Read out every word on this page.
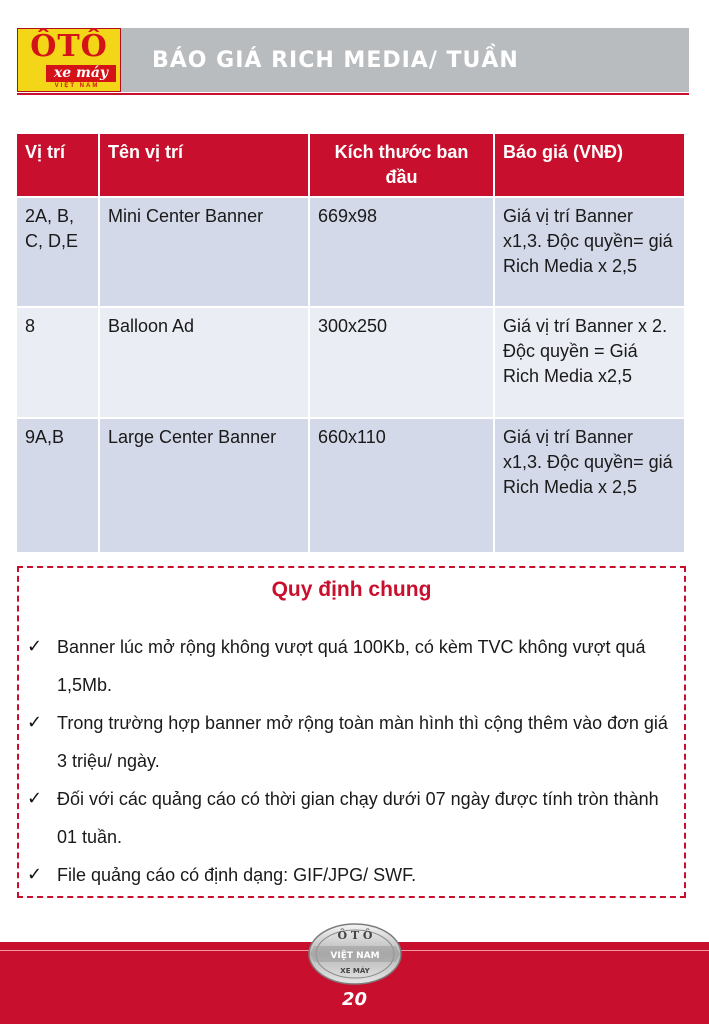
ÔTÔ
xe máy
VIỆT NAM
BÁO GIÁ RICH MEDIA/ TUẦN
Vị trí	Tên vị trí	Kích thước ban đầu	Báo giá (VNĐ)
2A, B, C, D,E	Mini Center Banner	669x98	Giá vị trí Banner x1,3. Độc quyền= giá Rich Media x 2,5
8	Balloon Ad	300x250	Giá vị trí Banner x 2. Độc quyền = Giá Rich Media x2,5
9A,B	Large Center Banner	660x110	Giá vị trí Banner x1,3. Độc quyền= giá Rich Media x 2,5
Quy định chung
✓ Banner lúc mở rộng không vượt quá 100Kb, có kèm TVC không vượt quá 1,5Mb.
✓ Trong trường hợp banner mở rộng toàn màn hình thì cộng thêm vào đơn giá 3 triệu/ ngày.
✓ Đối với các quảng cáo có thời gian chạy dưới 07 ngày được tính tròn thành 01 tuần.
✓ File quảng cáo có định dạng: GIF/JPG/ SWF.
Ô T Ô
VIỆT NAM
XE MÁY
20
